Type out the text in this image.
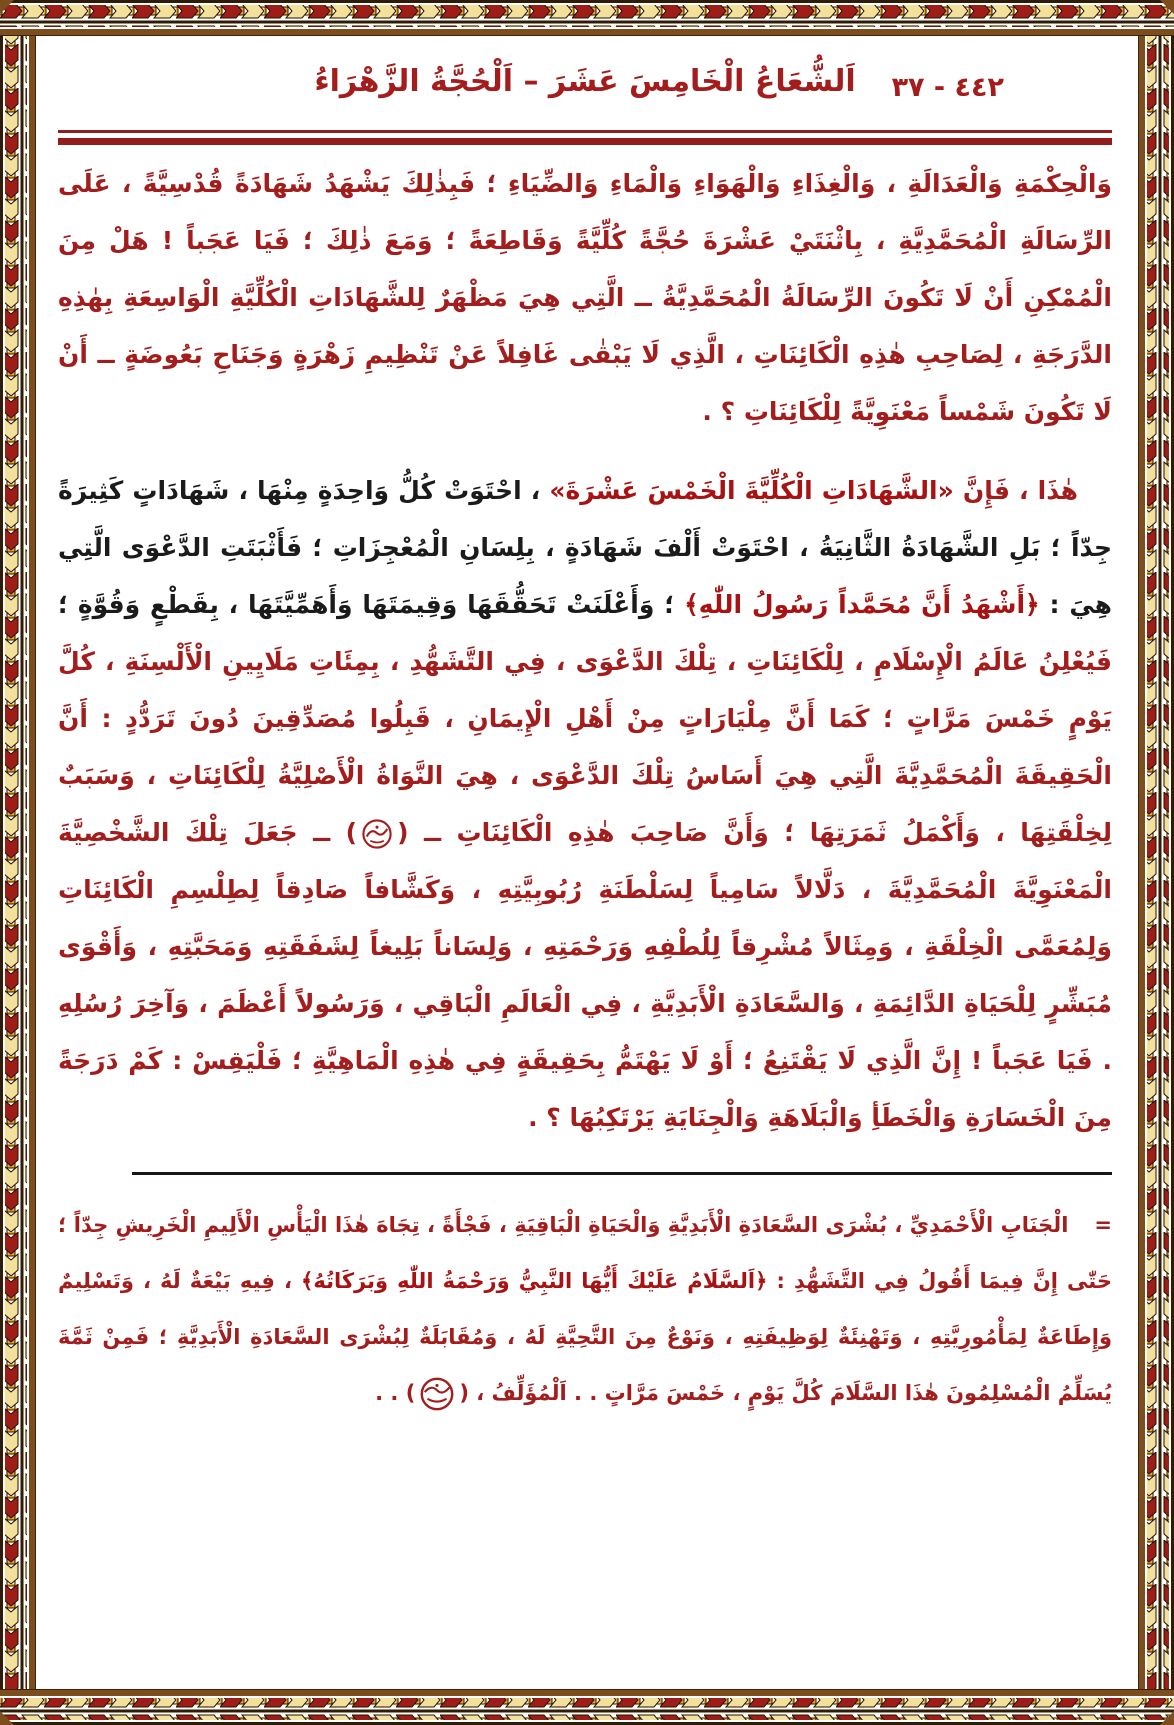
اَلشُّعَاعُ الْخَامِسَ عَشَرَ – اَلْحُجَّةُ الزَّهْرَاءُ	٤٤٢ - ٣٧

وَالْحِكْمَةِ وَالْعَدَالَةِ ، وَالْغِذَاءِ وَالْهَوَاءِ وَالْمَاءِ وَالضِّيَاءِ ؛ فَبِذٰلِكَ يَشْهَدُ شَهَادَةً قُدْسِيَّةً ، عَلَى الرِّسَالَةِ الْمُحَمَّدِيَّةِ ، بِاثْنَتَيْ عَشْرَةَ حُجَّةً كُلِّيَّةً وَقَاطِعَةً ؛ وَمَعَ ذٰلِكَ ؛ فَيَا عَجَباً ! هَلْ مِنَ الْمُمْكِنِ أَنْ لَا تَكُونَ الرِّسَالَةُ الْمُحَمَّدِيَّةُ ــ الَّتِي هِيَ مَظْهَرٌ لِلشَّهَادَاتِ الْكُلِّيَّةِ الْوَاسِعَةِ بِهٰذِهِ الدَّرَجَةِ ، لِصَاحِبِ هٰذِهِ الْكَائِنَاتِ ، الَّذِي لَا يَبْقٰى غَافِلاً عَنْ تَنْظِيمِ زَهْرَةٍ وَجَنَاحِ بَعُوضَةٍ ــ أَنْ لَا تَكُونَ شَمْساً مَعْنَوِيَّةً لِلْكَائِنَاتِ ؟ .

هٰذَا ، فَإِنَّ «الشَّهَادَاتِ الْكُلِّيَّةَ الْخَمْسَ عَشْرَةَ» ، احْتَوَتْ كُلُّ وَاحِدَةٍ مِنْهَا ، شَهَادَاتٍ كَثِيرَةً جِدّاً ؛ بَلِ الشَّهَادَةُ الثَّانِيَةُ ، احْتَوَتْ أَلْفَ شَهَادَةٍ ، بِلِسَانِ الْمُعْجِزَاتِ ؛ فَأَثْبَتَتِ الدَّعْوَى الَّتِي هِيَ : ﴿أَشْهَدُ أَنَّ مُحَمَّداً رَسُولُ اللّٰهِ﴾ ؛ وَأَعْلَنَتْ تَحَقُّقَهَا وَقِيمَتَهَا وَأَهَمِّيَّتَهَا ، بِقَطْعٍ وَقُوَّةٍ ؛ فَيُعْلِنُ عَالَمُ الْإِسْلَامِ ، لِلْكَائِنَاتِ ، تِلْكَ الدَّعْوَى ، فِي التَّشَهُّدِ ، بِمِئَاتِ مَلَايِينِ الْأَلْسِنَةِ ، كُلَّ يَوْمٍ خَمْسَ مَرَّاتٍ ؛ كَمَا أَنَّ مِلْيَارَاتٍ مِنْ أَهْلِ الْإِيمَانِ ، قَبِلُوا مُصَدِّقِينَ دُونَ تَرَدُّدٍ : أَنَّ الْحَقِيقَةَ الْمُحَمَّدِيَّةَ الَّتِي هِيَ أَسَاسُ تِلْكَ الدَّعْوَى ، هِيَ النَّوَاةُ الْأَصْلِيَّةُ لِلْكَائِنَاتِ ، وَسَبَبٌ لِخِلْقَتِهَا ، وَأَكْمَلُ ثَمَرَتِهَا ؛ وَأَنَّ صَاحِبَ هٰذِهِ الْكَائِنَاتِ ــ () ــ جَعَلَ تِلْكَ الشَّخْصِيَّةَ الْمَعْنَوِيَّةَ الْمُحَمَّدِيَّةَ ، دَلَّالاً سَامِياً لِسَلْطَنَةِ رُبُوبِيَّتِهِ ، وَكَشَّافاً صَادِقاً لِطِلْسِمِ الْكَائِنَاتِ وَلِمُعَمَّى الْخِلْقَةِ ، وَمِثَالاً مُشْرِقاً لِلُطْفِهِ وَرَحْمَتِهِ ، وَلِسَاناً بَلِيغاً لِشَفَقَتِهِ وَمَحَبَّتِهِ ، وَأَقْوَى مُبَشِّرٍ لِلْحَيَاةِ الدَّائِمَةِ ، وَالسَّعَادَةِ الْأَبَدِيَّةِ ، فِي الْعَالَمِ الْبَاقِي ، وَرَسُولاً أَعْظَمَ ، وَآخِرَ رُسُلِهِ . فَيَا عَجَباً ! إِنَّ الَّذِي لَا يَقْتَنِعُ ؛ أَوْ لَا يَهْتَمُّ بِحَقِيقَةٍ فِي هٰذِهِ الْمَاهِيَّةِ ؛ فَلْيَقِسْ : كَمْ دَرَجَةً مِنَ الْخَسَارَةِ وَالْخَطَأِ وَالْبَلَاهَةِ وَالْجِنَايَةِ يَرْتَكِبُهَا ؟ .

=الْجَنَابِ الْأَحْمَدِيِّ ، بُشْرَى السَّعَادَةِ الْأَبَدِيَّةِ وَالْحَيَاةِ الْبَاقِيَةِ ، فَجْأَةً ، تِجَاهَ هٰذَا الْيَأْسِ الْأَلِيمِ الْخَرِيشِ جِدّاً ؛ حَتّٰى إِنَّ فِيمَا أَقُولُ فِي التَّشَهُّدِ : ﴿اَلسَّلَامُ عَلَيْكَ أَيُّهَا النَّبِيُّ وَرَحْمَةُ اللّٰهِ وَبَرَكَاتُهُ﴾ ، فِيهِ بَيْعَةٌ لَهُ ، وَتَسْلِيمٌ وَإِطَاعَةٌ لِمَأْمُورِيَّتِهِ ، وَتَهْنِئَةٌ لِوَظِيفَتِهِ ، وَنَوْعٌ مِنَ التَّحِيَّةِ لَهُ ، وَمُقَابَلَةٌ لِبُشْرَى السَّعَادَةِ الْأَبَدِيَّةِ ؛ فَمِنْ ثَمَّةَ يُسَلِّمُ الْمُسْلِمُونَ هٰذَا السَّلَامَ كُلَّ يَوْمٍ ، خَمْسَ مَرَّاتٍ . . اَلْمُؤَلِّفُ ، () . .
